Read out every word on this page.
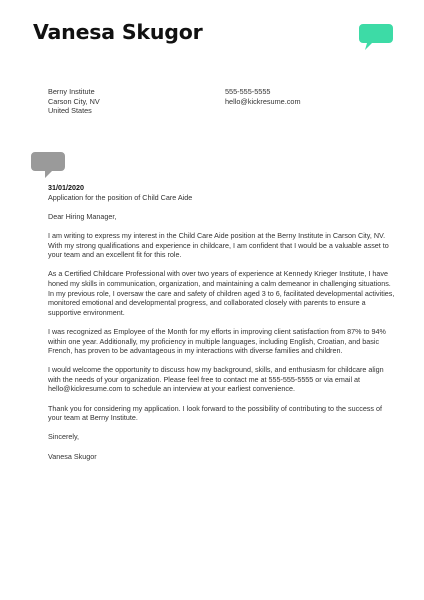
Vanesa Skugor
Berny Institute
Carson City, NV
United States
555-555-5555
hello@kickresume.com
31/01/2020

Application for the position of Child Care Aide

Dear Hiring Manager,

I am writing to express my interest in the Child Care Aide position at the Berny Institute in Carson City, NV. With my strong qualifications and experience in childcare, I am confident that I would be a valuable asset to your team and an excellent fit for this role.

As a Certified Childcare Professional with over two years of experience at Kennedy Krieger Institute, I have honed my skills in communication, organization, and maintaining a calm demeanor in challenging situations. In my previous role, I oversaw the care and safety of children aged 3 to 6, facilitated developmental activities, monitored emotional and developmental progress, and collaborated closely with parents to ensure a supportive environment.

I was recognized as Employee of the Month for my efforts in improving client satisfaction from 87% to 94% within one year. Additionally, my proficiency in multiple languages, including English, Croatian, and basic French, has proven to be advantageous in my interactions with diverse families and children.

I would welcome the opportunity to discuss how my background, skills, and enthusiasm for childcare align with the needs of your organization. Please feel free to contact me at 555-555-5555 or via email at hello@kickresume.com to schedule an interview at your earliest convenience.

Thank you for considering my application. I look forward to the possibility of contributing to the success of your team at Berny Institute.

Sincerely,

Vanesa Skugor
